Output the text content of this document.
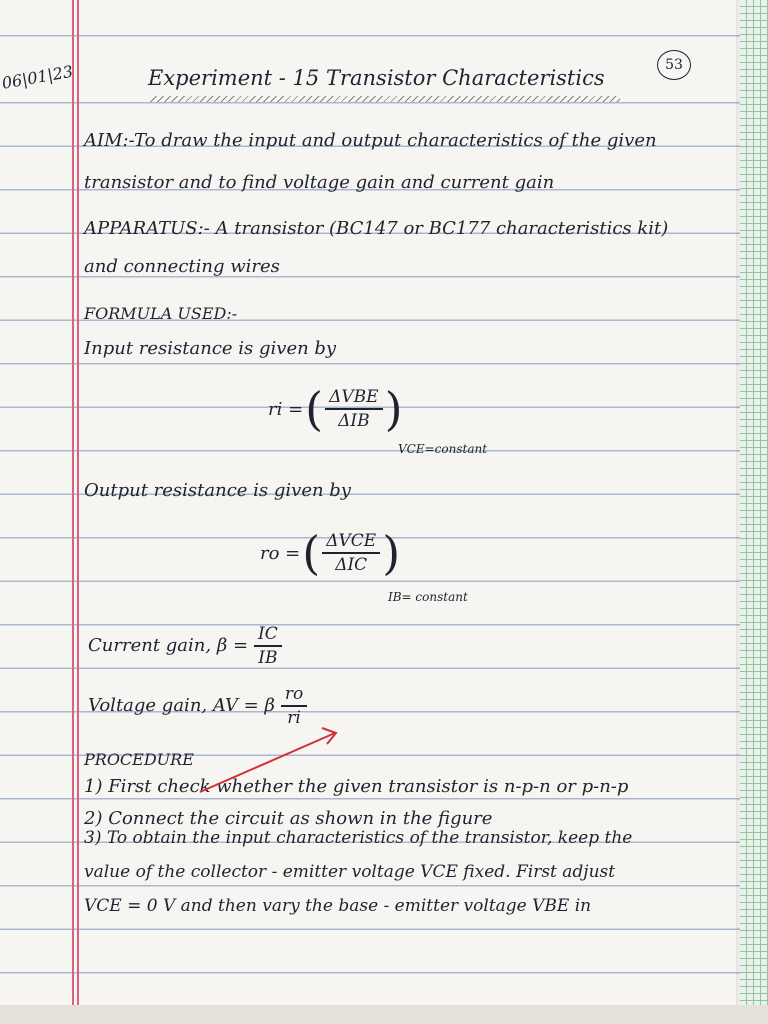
06|01|23	53
Experiment - 15 Transistor Characteristics
AIM:-To draw the input and output characteristics of the given
transistor and to find voltage gain and current gain
APPARATUS:- A transistor (BC147 or BC177 characteristics kit)
and connecting wires
FORMULA USED:-
Input resistance is given by
ri = ( $\frac{\text{ΔVBE}}{\text{ΔIB}}$ )
VCE=constant
Output resistance is given by
ro = ( $\frac{\text{ΔVCE}}{\text{ΔIC}}$ )
IB= constant
Current gain, $\beta = \frac{IC}{IB}$
Voltage gain, AV = β $\frac{ro}{ri}$
PROCEDURE
1) First check whether the given transistor is n-p-n or p-n-p
2) Connect the circuit as shown in the figure
3) To obtain the input characteristics of the transistor, keep the
value of the collector - emitter voltage VCE fixed. First adjust
VCE = 0 V and then vary the base - emitter voltage VBE in
